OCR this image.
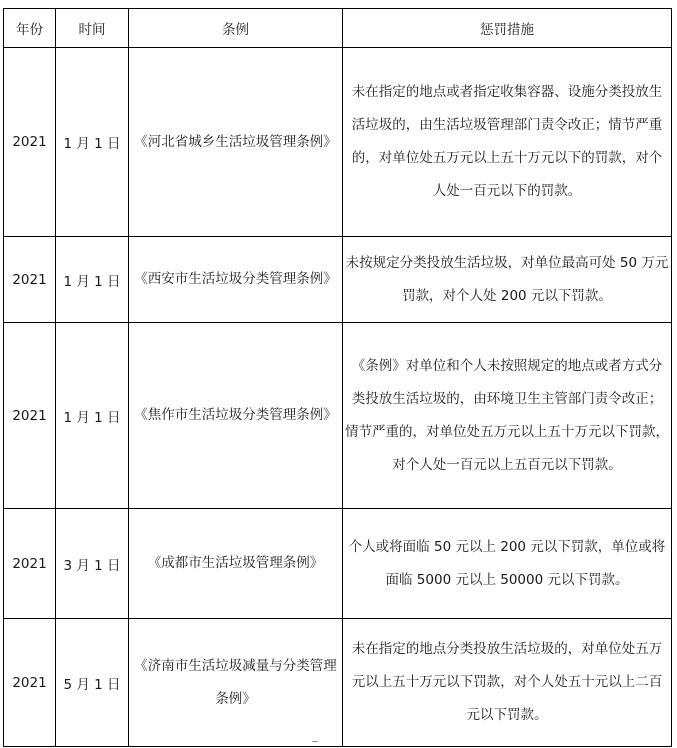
年份	时间	条例	惩罚措施
2021	1 月 1 日	《河北省城乡生活垃圾管理条例》	未在指定的地点或者指定收集容器、设施分类投放生
活垃圾的，由生活垃圾管理部门责令改正；情节严重
的，对单位处五万元以上五十万元以下的罚款，对个
人处一百元以下的罚款。

2021	1 月 1 日	《西安市生活垃圾分类管理条例》	未按规定分类投放生活垃圾，对单位最高可处 50 万元
罚款，对个人处 200 元以下罚款。

2021	1 月 1 日	《焦作市生活垃圾分类管理条例》	《条例》对单位和个人未按照规定的地点或者方式分
类投放生活垃圾的，由环境卫生主管部门责令改正；
情节严重的，对单位处五万元以上五十万元以下罚款，
对个人处一百元以上五百元以下罚款。

2021	3 月 1 日	《成都市生活垃圾管理条例》	个人或将面临 50 元以上 200 元以下罚款，单位或将
面临 5000 元以上 50000 元以下罚款。

2021	5 月 1 日	《济南市生活垃圾减量与分类管理条例》	未在指定的地点分类投放生活垃圾的，对单位处五万
元以上五十万元以下罚款，对个人处五十元以上二百
元以下罚款。
